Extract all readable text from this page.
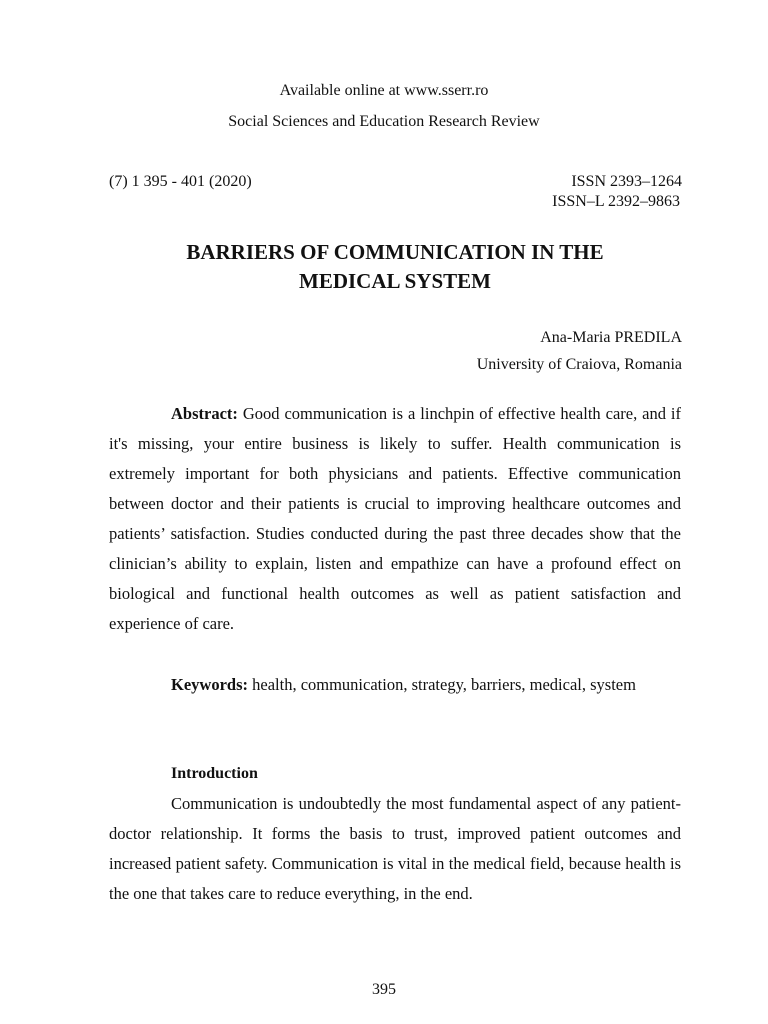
Available online at www.sserr.ro
Social Sciences and Education Research Review
(7) 1 395 - 401 (2020)	ISSN 2393–1264
ISSN–L 2392–9863
BARRIERS OF COMMUNICATION IN THE
MEDICAL SYSTEM
Ana-Maria PREDILA
University of Craiova, Romania
Abstract: Good communication is a linchpin of effective health care, and if it's missing, your entire business is likely to suffer. Health communication is extremely important for both physicians and patients. Effective communication between doctor and their patients is crucial to improving healthcare outcomes and patients’ satisfaction. Studies conducted during the past three decades show that the clinician’s ability to explain, listen and empathize can have a profound effect on biological and functional health outcomes as well as patient satisfaction and experience of care.
Keywords: health, communication, strategy, barriers, medical, system
Introduction
Communication is undoubtedly the most fundamental aspect of any patient-doctor relationship. It forms the basis to trust, improved patient outcomes and increased patient safety. Communication is vital in the medical field, because health is the one that takes care to reduce everything, in the end.
395
